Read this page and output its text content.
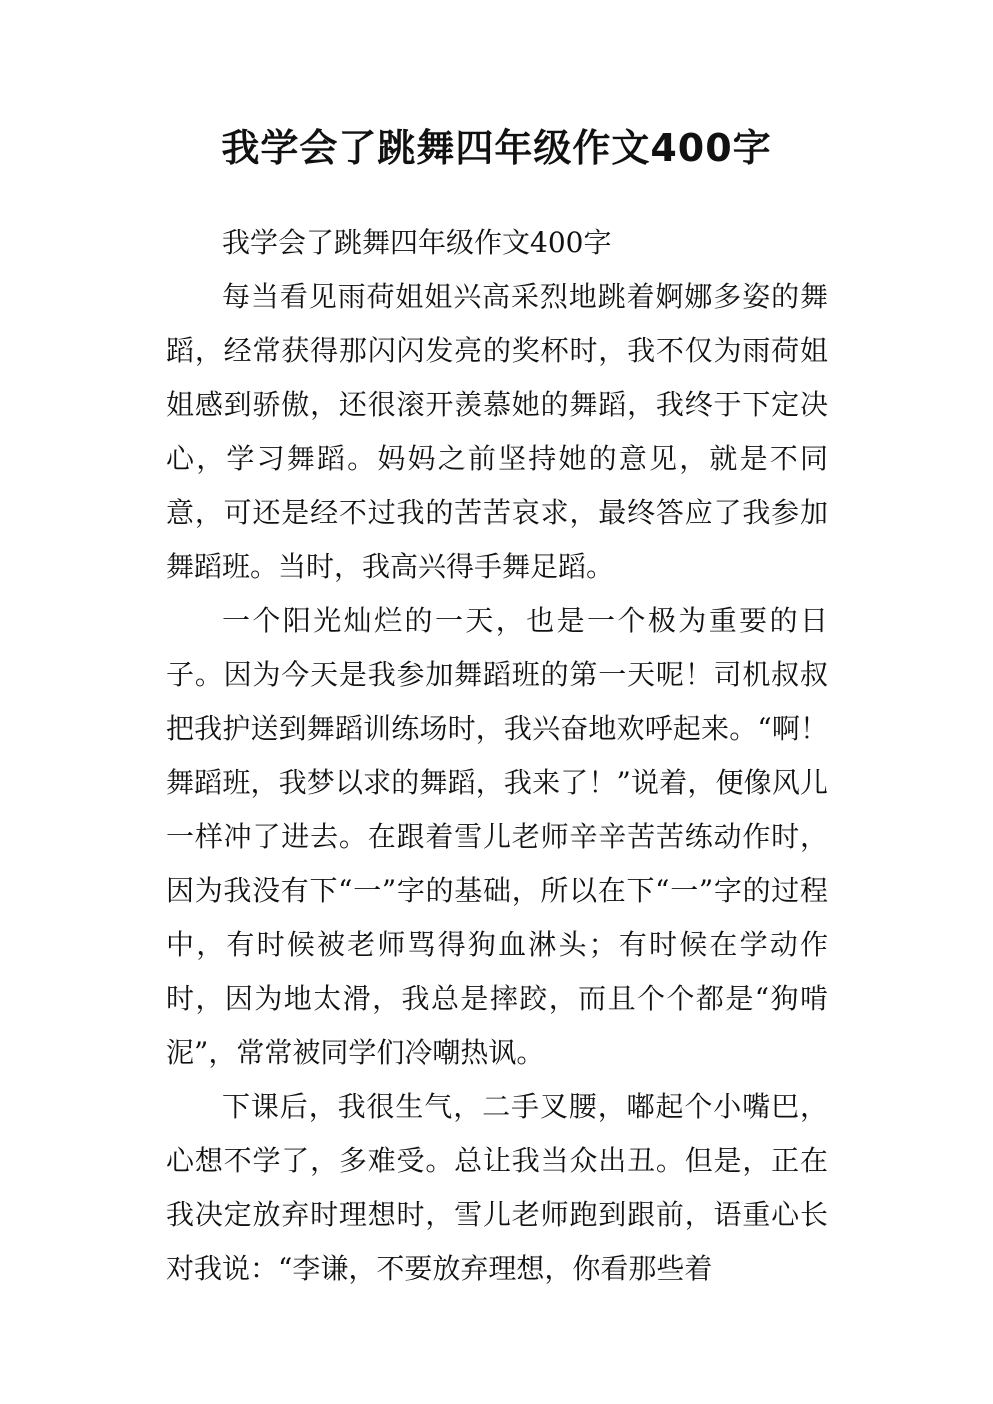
我学会了跳舞四年级作文400字

我学会了跳舞四年级作文400字

每当看见雨荷姐姐兴高采烈地跳着婀娜多姿的舞蹈，经常获得那闪闪发亮的奖杯时，我不仅为雨荷姐姐感到骄傲，还很滚开羡慕她的舞蹈，我终于下定决心，学习舞蹈。妈妈之前坚持她的意见，就是不同意，可还是经不过我的苦苦哀求，最终答应了我参加舞蹈班。当时，我高兴得手舞足蹈。

一个阳光灿烂的一天，也是一个极为重要的日子。因为今天是我参加舞蹈班的第一天呢！司机叔叔把我护送到舞蹈训练场时，我兴奋地欢呼起来。“啊！舞蹈班，我梦以求的舞蹈，我来了！”说着，便像风儿一样冲了进去。在跟着雪儿老师辛辛苦苦练动作时，因为我没有下“一”字的基础，所以在下“一”字的过程中，有时候被老师骂得狗血淋头；有时候在学动作时，因为地太滑，我总是摔跤，而且个个都是“狗啃泥”，常常被同学们冷嘲热讽。

下课后，我很生气，二手叉腰，嘟起个小嘴巴，心想不学了，多难受。总让我当众出丑。但是，正在我决定放弃时理想时，雪儿老师跑到跟前，语重心长对我说：“李谦，不要放弃理想，你看那些着
